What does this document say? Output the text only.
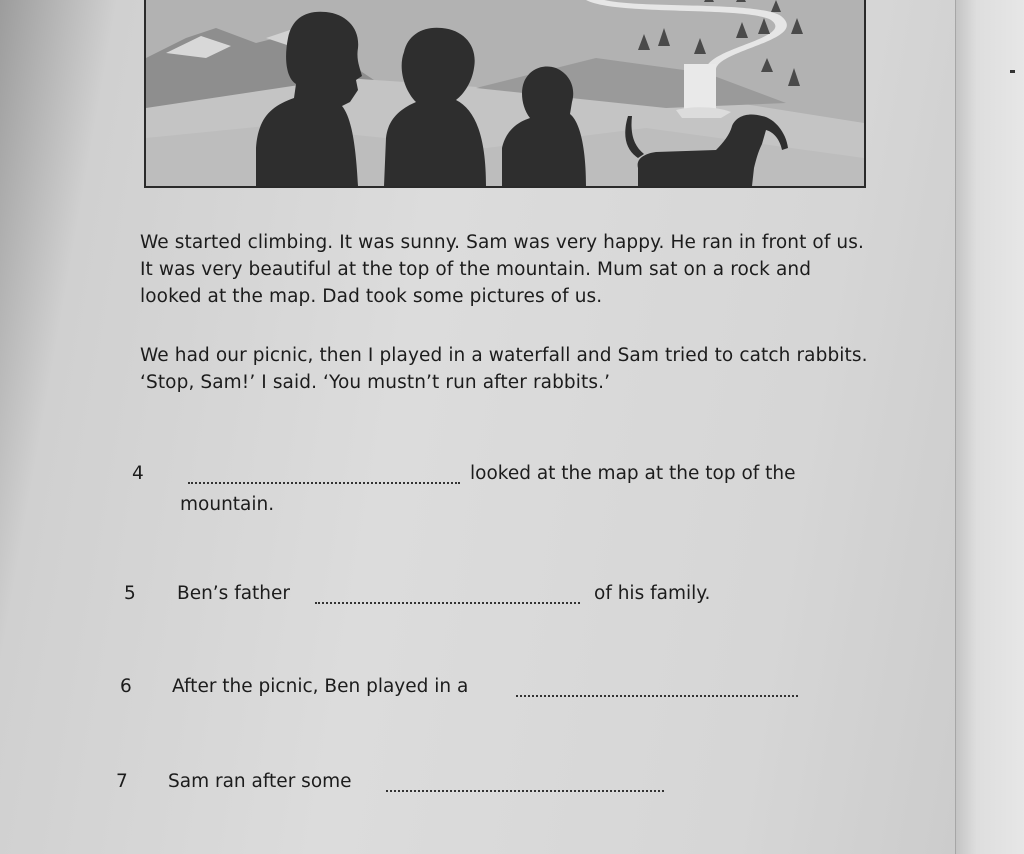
We started climbing. It was sunny. Sam was very happy. He ran in front of us. It was very beautiful at the top of the mountain. Mum sat on a rock and looked at the map. Dad took some pictures of us.

We had our picnic, then I played in a waterfall and Sam tried to catch rabbits. ‘Stop, Sam!’ I said. ‘You mustn’t run after rabbits.’

4	looked at the map at the top of the
mountain.
5 Ben’s father	of his family.
6 After the picnic, Ben played in a
7 Sam ran after some
